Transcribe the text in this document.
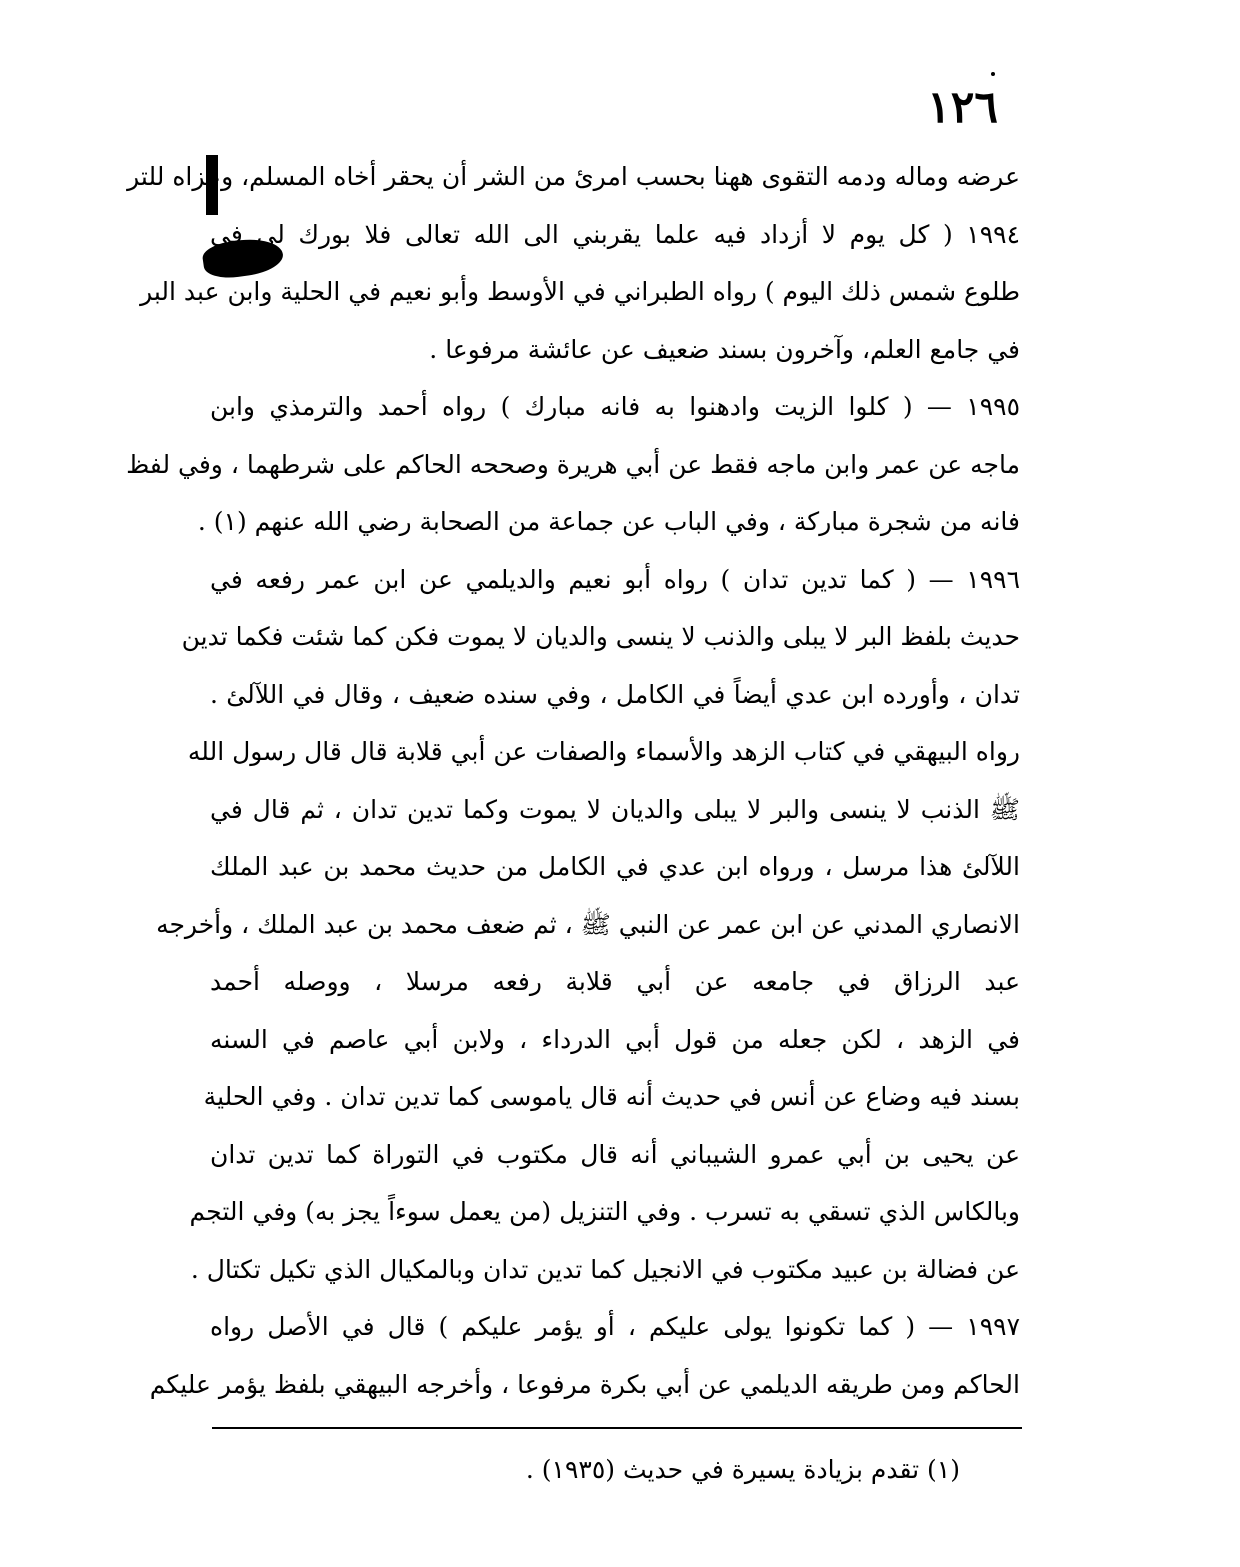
١٢٦
عرضه وماله ودمه التقوى ههنا بحسب امرئ من الشر أن يحقر أخاه المسلم، وعزاه للتر
١٩٩٤ ( كل يوم لا أزداد فيه علما يقربني الى الله تعالى فلا بورك لي في
طلوع شمس ذلك اليوم ) رواه الطبراني في الأوسط وأبو نعيم في الحلية وابن عبد البر
في جامع العلم، وآخرون بسند ضعيف عن عائشة مرفوعا .
١٩٩٥ — ( كلوا الزيت وادهنوا به فانه مبارك ) رواه أحمد والترمذي وابن
ماجه عن عمر وابن ماجه فقط عن أبي هريرة وصححه الحاكم على شرطهما ، وفي لفظ
فانه من شجرة مباركة ، وفي الباب عن جماعة من الصحابة رضي الله عنهم (١) .
١٩٩٦ — ( كما تدين تدان ) رواه أبو نعيم والديلمي عن ابن عمر رفعه في
حديث بلفظ البر لا يبلى والذنب لا ينسى والديان لا يموت فكن كما شئت فكما تدين
تدان ، وأورده ابن عدي أيضاً في الكامل ، وفي سنده ضعيف ، وقال في اللآلئ .
رواه البيهقي في كتاب الزهد والأسماء والصفات عن أبي قلابة قال قال رسول الله
ﷺ الذنب لا ينسى والبر لا يبلى والديان لا يموت وكما تدين تدان ، ثم قال في
اللآلئ هذا مرسل ، ورواه ابن عدي في الكامل من حديث محمد بن عبد الملك
الانصاري المدني عن ابن عمر عن النبي ﷺ ، ثم ضعف محمد بن عبد الملك ، وأخرجه
عبد الرزاق في جامعه عن أبي قلابة رفعه مرسلا ، ووصله أحمد
في الزهد ، لكن جعله من قول أبي الدرداء ، ولابن أبي عاصم في السنه
بسند فيه وضاع عن أنس في حديث أنه قال ياموسى كما تدين تدان . وفي الحلية
عن يحيى بن أبي عمرو الشيباني أنه قال مكتوب في التوراة كما تدين تدان
وبالكاس الذي تسقي به تسرب . وفي التنزيل (من يعمل سوءاً يجز به) وفي التجم
عن فضالة بن عبيد مكتوب في الانجيل كما تدين تدان وبالمكيال الذي تكيل تكتال .
١٩٩٧ — ( كما تكونوا يولى عليكم ، أو يؤمر عليكم ) قال في الأصل رواه
الحاكم ومن طريقه الديلمي عن أبي بكرة مرفوعا ، وأخرجه البيهقي بلفظ يؤمر عليكم
(١) تقدم بزيادة يسيرة في حديث (١٩٣٥) .
